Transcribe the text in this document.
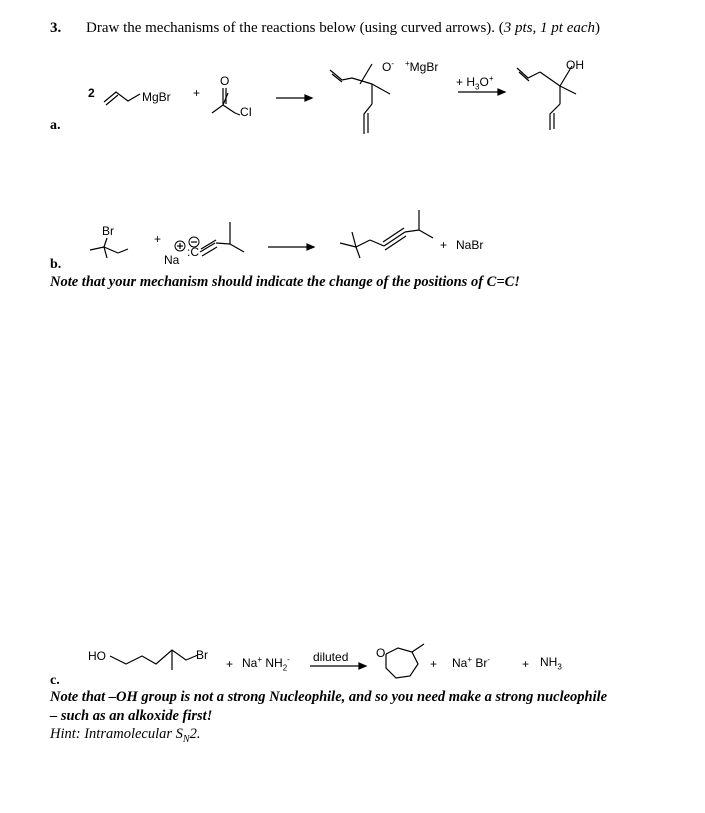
3. Draw the mechanisms of the reactions below (using curved arrows). (3 pts, 1 pt each)
a.
2	MgBr +
O
CI
O- +MgBr
+ $H_3O^+$
OH
Br
+
Na
:C	+ NaBr
b.
Note that your mechanism should indicate the change of the positions of C=C!
HO	Br
+ Na+ $NH_2^-$ diluted O
+ Na+ Br-	+ $NH_3$
c.
Note that –OH group is not a strong Nucleophile, and so you need make a strong nucleophile
– such as an alkoxide first!
Hint: Intramolecular $S_N2$.
